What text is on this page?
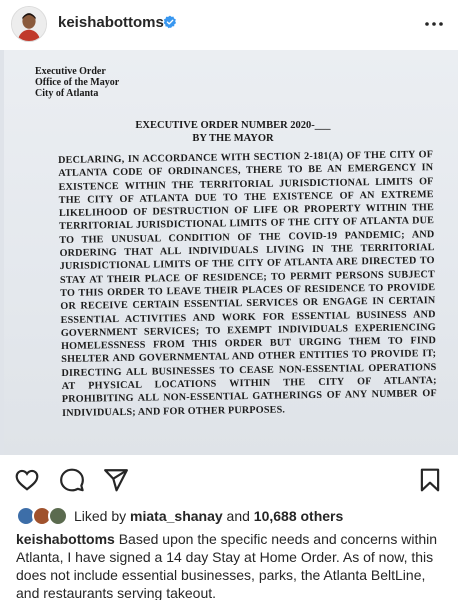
keishabottoms
Executive Order
Office of the Mayor
City of Atlanta
EXECUTIVE ORDER NUMBER 2020-___
BY THE MAYOR
DECLARING, IN ACCORDANCE WITH SECTION 2-181(A) OF THE CITY OF ATLANTA CODE OF ORDINANCES, THERE TO BE AN EMERGENCY IN EXISTENCE WITHIN THE TERRITORIAL JURISDICTIONAL LIMITS OF THE CITY OF ATLANTA DUE TO THE EXISTENCE OF AN EXTREME LIKELIHOOD OF DESTRUCTION OF LIFE OR PROPERTY WITHIN THE TERRITORIAL JURISDICTIONAL LIMITS OF THE CITY OF ATLANTA DUE TO THE UNUSUAL CONDITION OF THE COVID-19 PANDEMIC; AND ORDERING THAT ALL INDIVIDUALS LIVING IN THE TERRITORIAL JURISDICTIONAL LIMITS OF THE CITY OF ATLANTA ARE DIRECTED TO STAY AT THEIR PLACE OF RESIDENCE; TO PERMIT PERSONS SUBJECT TO THIS ORDER TO LEAVE THEIR PLACES OF RESIDENCE TO PROVIDE OR RECEIVE CERTAIN ESSENTIAL SERVICES OR ENGAGE IN CERTAIN ESSENTIAL ACTIVITIES AND WORK FOR ESSENTIAL BUSINESS AND GOVERNMENT SERVICES; TO EXEMPT INDIVIDUALS EXPERIENCING HOMELESSNESS FROM THIS ORDER BUT URGING THEM TO FIND SHELTER AND GOVERNMENTAL AND OTHER ENTITIES TO PROVIDE IT; DIRECTING ALL BUSINESSES TO CEASE NON-ESSENTIAL OPERATIONS AT PHYSICAL LOCATIONS WITHIN THE CITY OF ATLANTA; PROHIBITING ALL NON-ESSENTIAL GATHERINGS OF ANY NUMBER OF INDIVIDUALS; AND FOR OTHER PURPOSES.
Liked by miata_shanay and 10,688 others
keishabottoms Based upon the specific needs and concerns within Atlanta, I have signed a 14 day Stay at Home Order. As of now, this does not include essential businesses, parks, the Atlanta BeltLine, and restaurants serving takeout.
